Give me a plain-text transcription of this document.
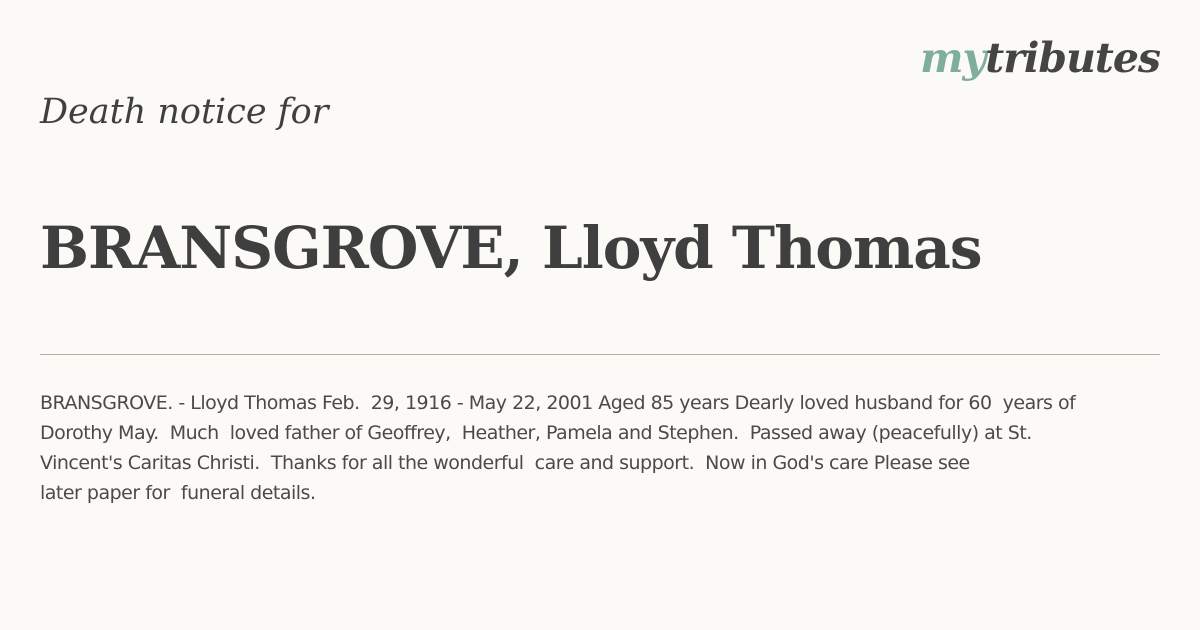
mytributes
Death notice for
BRANSGROVE, Lloyd Thomas
BRANSGROVE. - Lloyd Thomas Feb.  29, 1916 - May 22, 2001 Aged 85 years Dearly loved husband for 60  years of
Dorothy May.  Much  loved father of Geoffrey,  Heather, Pamela and Stephen.  Passed away (peacefully) at St.
Vincent's Caritas Christi.  Thanks for all the wonderful  care and support.  Now in God's care Please see
later paper for  funeral details.
